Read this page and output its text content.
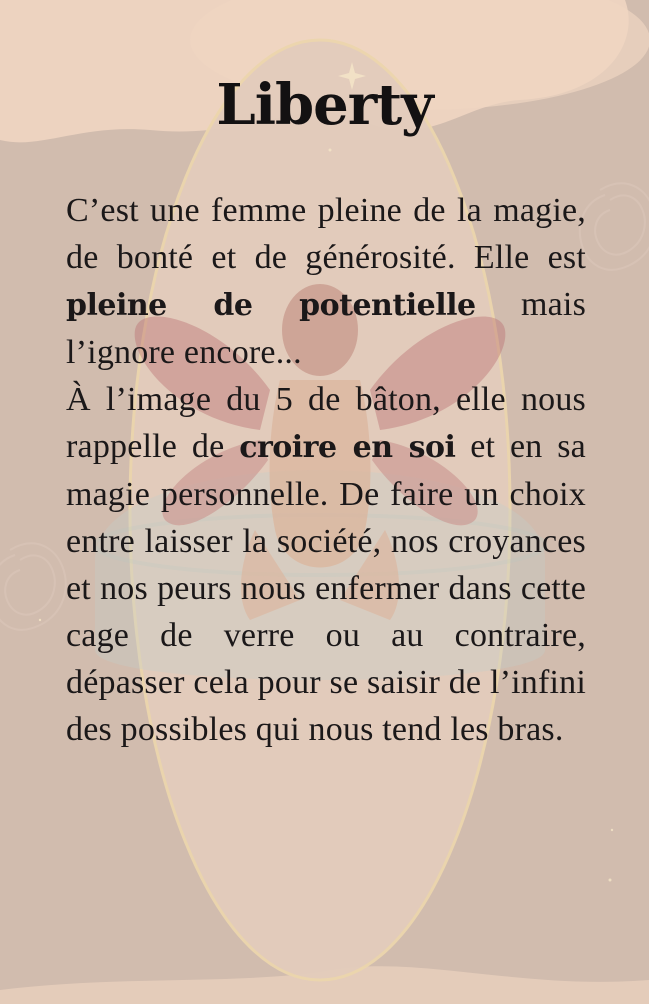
Liberty

C’est une femme pleine de la magie, de bonté et de générosité. Elle est pleine de potentielle mais l’ignore encore...

À l’image du 5 de bâton, elle nous rappelle de croire en soi et en sa magie personnelle. De faire un choix entre laisser la société, nos croyances et nos peurs nous enfermer dans cette cage de verre ou au contraire, dépasser cela pour se saisir de l’infini des possibles qui nous tend les bras.
